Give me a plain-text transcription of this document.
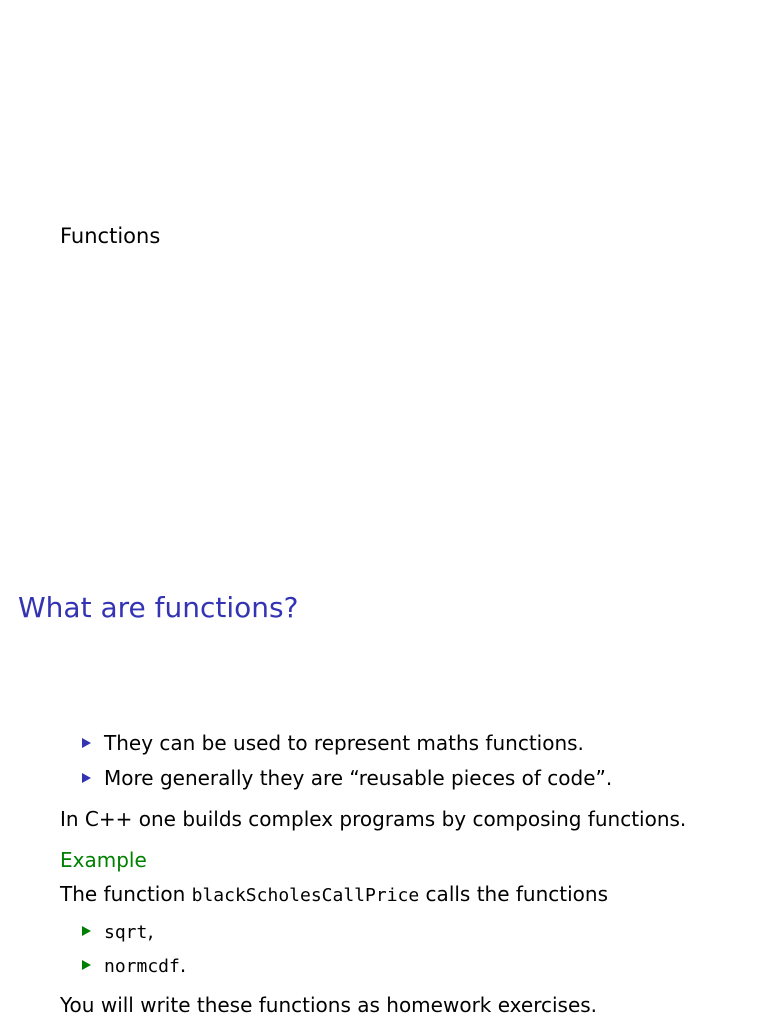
Functions
What are functions?
They can be used to represent maths functions.
More generally they are “reusable pieces of code”.
In C++ one builds complex programs by composing functions.
Example
The function blackScholesCallPrice calls the functions
sqrt,
normcdf.
You will write these functions as homework exercises.
